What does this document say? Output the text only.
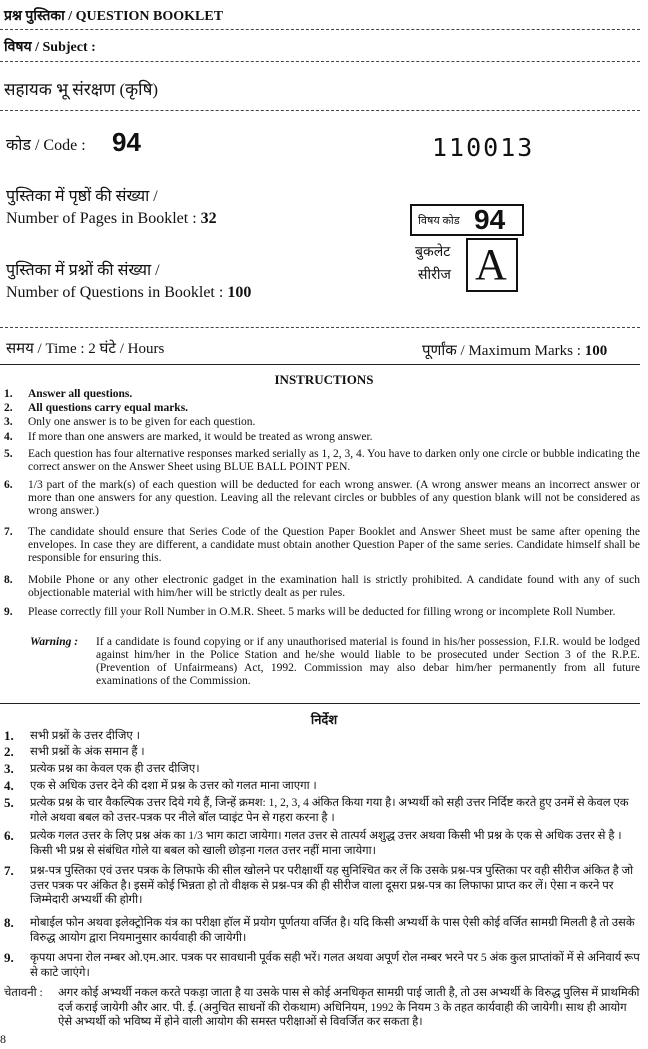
प्रश्न पुस्तिका / QUESTION BOOKLET
विषय / Subject :
सहायक भू संरक्षण (कृषि)
कोड / Code : 94	110013
पुस्तिका में पृष्ठों की संख्या /
Number of Pages in Booklet : 32
पुस्तिका में प्रश्नों की संख्या /
Number of Questions in Booklet : 100
विषय कोड 94
बुकलेट
सीरीज A
समय / Time : 2 घंटे / Hours	पूर्णांक / Maximum Marks : 100
INSTRUCTIONS
1. Answer all questions.
2. All questions carry equal marks.
3. Only one answer is to be given for each question.
4. If more than one answers are marked, it would be treated as wrong answer.
5. Each question has four alternative responses marked serially as 1, 2, 3, 4. You have to darken only one circle or bubble indicating the correct answer on the Answer Sheet using BLUE BALL POINT PEN.
6. 1/3 part of the mark(s) of each question will be deducted for each wrong answer. (A wrong answer means an incorrect answer or more than one answers for any question. Leaving all the relevant circles or bubbles of any question blank will not be considered as wrong answer.)
7. The candidate should ensure that Series Code of the Question Paper Booklet and Answer Sheet must be same after opening the envelopes. In case they are different, a candidate must obtain another Question Paper of the same series. Candidate himself shall be responsible for ensuring this.
8. Mobile Phone or any other electronic gadget in the examination hall is strictly prohibited. A candidate found with any of such objectionable material with him/her will be strictly dealt as per rules.
9. Please correctly fill your Roll Number in O.M.R. Sheet. 5 marks will be deducted for filling wrong or incomplete Roll Number.
Warning : If a candidate is found copying or if any unauthorised material is found in his/her possession, F.I.R. would be lodged against him/her in the Police Station and he/she would liable to be prosecuted under Section 3 of the R.P.E. (Prevention of Unfairmeans) Act, 1992. Commission may also debar him/her permanently from all future examinations of the Commission.
निर्देश
1. सभी प्रश्नों के उत्तर दीजिए ।
2. सभी प्रश्नों के अंक समान हैं ।
3. प्रत्येक प्रश्न का केवल एक ही उत्तर दीजिए।
4. एक से अधिक उत्तर देने की दशा में प्रश्न के उत्तर को गलत माना जाएगा ।
5. प्रत्येक प्रश्न के चार वैकल्पिक उत्तर दिये गये हैं, जिन्हें क्रमश: 1, 2, 3, 4 अंकित किया गया है। अभ्यर्थी को सही उत्तर निर्दिष्ट करते हुए उनमें से केवल एक गोले अथवा बबल को उत्तर-पत्रक पर नीले बॉल प्वाइंट पेन से गहरा करना है ।
6. प्रत्येक गलत उत्तर के लिए प्रश्न अंक का 1/3 भाग काटा जायेगा। गलत उत्तर से तात्पर्य अशुद्ध उत्तर अथवा किसी भी प्रश्न के एक से अधिक उत्तर से है । किसी भी प्रश्न से संबंधित गोले या बबल को खाली छोड़ना गलत उत्तर नहीं माना जायेगा।
7. प्रश्न-पत्र पुस्तिका एवं उत्तर पत्रक के लिफाफे की सील खोलने पर परीक्षार्थी यह सुनिश्चित कर लें कि उसके प्रश्न-पत्र पुस्तिका पर वही सीरीज अंकित है जो उत्तर पत्रक पर अंकित है। इसमें कोई भिन्नता हो तो वीक्षक से प्रश्न-पत्र की ही सीरीज वाला दूसरा प्रश्न-पत्र का लिफाफा प्राप्त कर लें। ऐसा न करने पर जिम्मेदारी अभ्यर्थी की होगी।
8. मोबाईल फोन अथवा इलेक्ट्रोनिक यंत्र का परीक्षा हॉल में प्रयोग पूर्णतया वर्जित है। यदि किसी अभ्यर्थी के पास ऐसी कोई वर्जित सामग्री मिलती है तो उसके विरुद्ध आयोग द्वारा नियमानुसार कार्यवाही की जायेगी।
9. कृपया अपना रोल नम्बर ओ.एम.आर. पत्रक पर सावधानी पूर्वक सही भरें। गलत अथवा अपूर्ण रोल नम्बर भरने पर 5 अंक कुल प्राप्तांकों में से अनिवार्य रूप से काटे जाएंगे।
चेतावनी : अगर कोई अभ्यर्थी नकल करते पकड़ा जाता है या उसके पास से कोई अनधिकृत सामग्री पाई जाती है, तो उस अभ्यर्थी के विरुद्ध पुलिस में प्राथमिकी दर्ज कराई जायेगी और आर. पी. ई. (अनुचित साधनों की रोकथाम) अधिनियम, 1992 के नियम 3 के तहत कार्यवाही की जायेगी। साथ ही आयोग ऐसे अभ्यर्थी को भविष्य में होने वाली आयोग की समस्त परीक्षाओं से विवर्जित कर सकता है।
8
